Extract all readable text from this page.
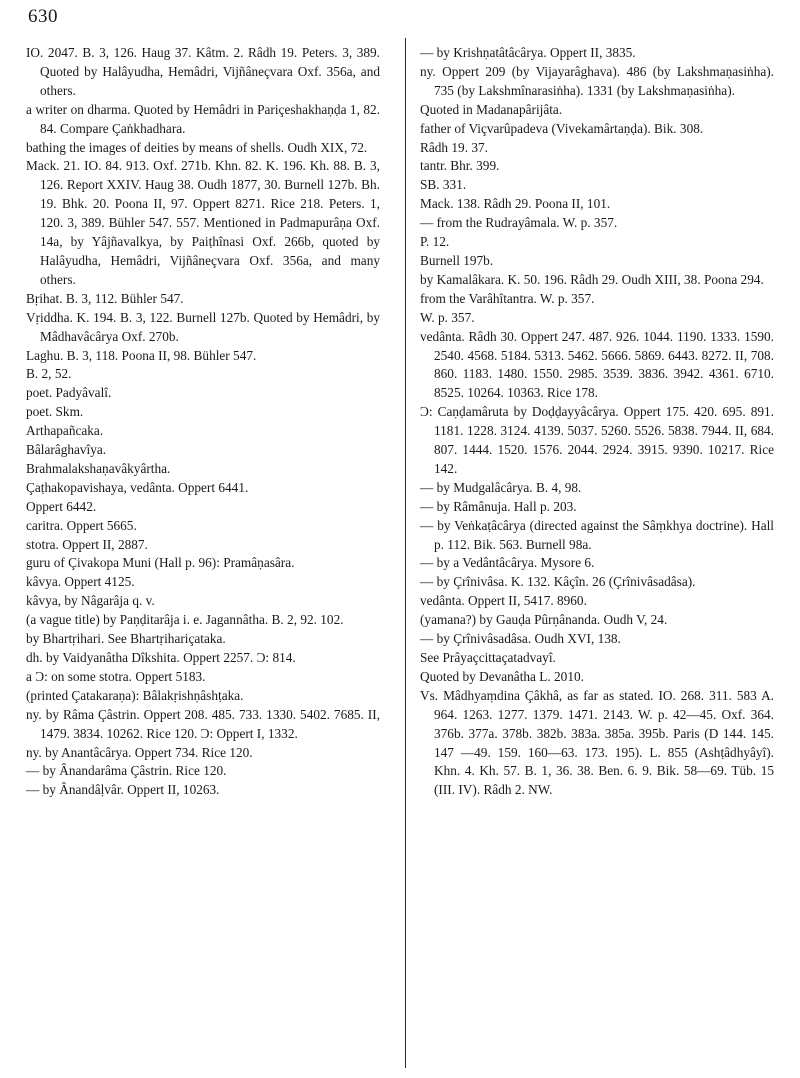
630

IO. 2047. B. 3, 126. Haug 37. Kâtm. 2. Râdh 19. Peters. 3, 389. Quoted by Halâyudha, Hemâdri, Vijñâneçvara Oxf. 356a, and others.

a writer on dharma. Quoted by Hemâdri in Pariçeshakhaṇḍa 1, 82. 84. Compare Çaṅkhadhara.

bathing the images of deities by means of shells. Oudh XIX, 72.

Mack. 21. IO. 84. 913. Oxf. 271b. Khn. 82. K. 196. Kh. 88. B. 3, 126. Report XXIV. Haug 38. Oudh 1877, 30. Burnell 127b. Bh. 19. Bhk. 20. Poona II, 97. Oppert 8271. Rice 218. Peters. 1, 120. 3, 389. Bühler 547. 557. Mentioned in Padmapurâṇa Oxf. 14a, by Yâjñavalkya, by Paiṭhînasi Oxf. 266b, quoted by Halâyudha, Hemâdri, Vijñâneçvara Oxf. 356a, and many others.

Bṛihat. B. 3, 112. Bühler 547.

Vṛiddha. K. 194. B. 3, 122. Burnell 127b. Quoted by Hemâdri, by Mâdhavâcârya Oxf. 270b.

Laghu. B. 3, 118. Poona II, 98. Bühler 547.

B. 2, 52.

poet. Padyâvalî.

poet. Skm.

Arthapañcaka.

Bâlarâghavîya.

Brahmalakshaṇavâkyârtha.

Çaṭhakopavishaya, vedânta. Oppert 6441.

Oppert 6442.

caritra. Oppert 5665.

stotra. Oppert II, 2887.

guru of Çivakopa Muni (Hall p. 96): Pramâṇasâra.

kâvya. Oppert 4125.

kâvya, by Nâgarâja q. v.

(a vague title) by Paṇḍitarâja i. e. Jagannâtha. B. 2, 92. 102.

by Bhartṛihari. See Bhartṛihariçataka.

dh. by Vaidyanâtha Dîkshita. Oppert 2257. Ɔ: 814.

a Ɔ: on some stotra. Oppert 5183.

(printed Çatakaraṇa): Bâlakṛishṇâshṭaka.

ny. by Râma Çâstrin. Oppert 208. 485. 733. 1330. 5402. 7685. II, 1479. 3834. 10262. Rice 120. Ɔ: Oppert I, 1332.

ny. by Anantâcârya. Oppert 734. Rice 120.

— by Ânandarâma Çâstrin. Rice 120.

— by Ânandâḷvâr. Oppert II, 10263.

— by Krishṇatâtâcârya. Oppert II, 3835.

ny. Oppert 209 (by Vijayarâghava). 486 (by Lakshmaṇasiṅha). 735 (by Lakshmînarasiṅha). 1331 (by Lakshmaṇasiṅha).

Quoted in Madanapârijâta.

father of Viçvarûpadeva (Vivekamârtaṇḍa). Bik. 308.

Râdh 19. 37.

tantr. Bhr. 399.

SB. 331.

Mack. 138. Râdh 29. Poona II, 101.

— from the Rudrayâmala. W. p. 357.

P. 12.

Burnell 197b.

by Kamalâkara. K. 50. 196. Râdh 29. Oudh XIII, 38. Poona 294.

from the Varâhîtantra. W. p. 357.

W. p. 357.

vedânta. Râdh 30. Oppert 247. 487. 926. 1044. 1190. 1333. 1590. 2540. 4568. 5184. 5313. 5462. 5666. 5869. 6443. 8272. II, 708. 860. 1183. 1480. 1550. 2985. 3539. 3836. 3942. 4361. 6710. 8525. 10264. 10363. Rice 178.

Ɔ: Caṇḍamâruta by Doḍḍayyâcârya. Oppert 175. 420. 695. 891. 1181. 1228. 3124. 4139. 5037. 5260. 5526. 5838. 7944. II, 684. 807. 1444. 1520. 1576. 2044. 2924. 3915. 9390. 10217. Rice 142.

— by Mudgalâcârya. B. 4, 98.

— by Râmânuja. Hall p. 203.

— by Veṅkaṭâcârya (directed against the Sâṃkhya doctrine). Hall p. 112. Bik. 563. Burnell 98a.

— by a Vedântâcârya. Mysore 6.

— by Çrînivâsa. K. 132. Kâçîn. 26 (Çrînivâsadâsa).

vedânta. Oppert II, 5417. 8960.

(yamana?) by Gauḍa Pûrṇânanda. Oudh V, 24.

— by Çrînivâsadâsa. Oudh XVI, 138.

See Prâyaçcittaçatadvayî.

Quoted by Devanâtha L. 2010.

Vs. Mâdhyaṃdina Çâkhâ, as far as stated. IO. 268. 311. 583 A. 964. 1263. 1277. 1379. 1471. 2143. W. p. 42—45. Oxf. 364. 376b. 377a. 378b. 382b. 383a. 385a. 395b. Paris (D 144. 145. 147 —49. 159. 160—63. 173. 195). L. 855 (Ashṭâdhyâyî). Khn. 4. Kh. 57. B. 1, 36. 38. Ben. 6. 9. Bik. 58—69. Tüb. 15 (III. IV). Râdh 2. NW.
